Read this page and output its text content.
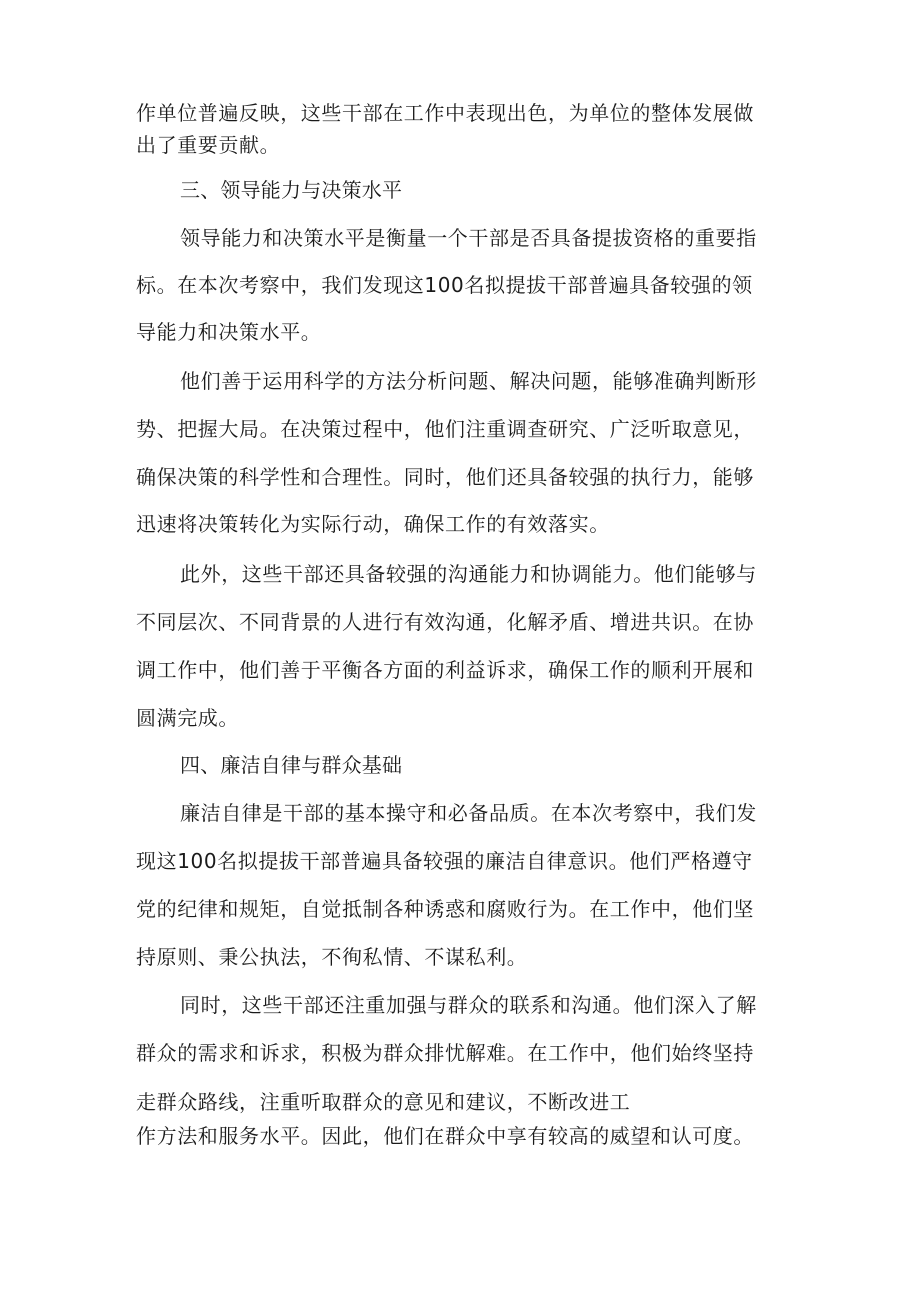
作单位普遍反映，这些干部在工作中表现出色，为单位的整体发展做
出了重要贡献。
三、领导能力与决策水平
领导能力和决策水平是衡量一个干部是否具备提拔资格的重要指
标。在本次考察中，我们发现这100名拟提拔干部普遍具备较强的领
导能力和决策水平。
他们善于运用科学的方法分析问题、解决问题，能够准确判断形
势、把握大局。在决策过程中，他们注重调查研究、广泛听取意见，
确保决策的科学性和合理性。同时，他们还具备较强的执行力，能够
迅速将决策转化为实际行动，确保工作的有效落实。
此外，这些干部还具备较强的沟通能力和协调能力。他们能够与
不同层次、不同背景的人进行有效沟通，化解矛盾、增进共识。在协
调工作中，他们善于平衡各方面的利益诉求，确保工作的顺利开展和
圆满完成。
四、廉洁自律与群众基础
廉洁自律是干部的基本操守和必备品质。在本次考察中，我们发
现这100名拟提拔干部普遍具备较强的廉洁自律意识。他们严格遵守
党的纪律和规矩，自觉抵制各种诱惑和腐败行为。在工作中，他们坚
持原则、秉公执法，不徇私情、不谋私利。
同时，这些干部还注重加强与群众的联系和沟通。他们深入了解
群众的需求和诉求，积极为群众排忧解难。在工作中，他们始终坚持
走群众路线，注重听取群众的意见和建议，不断改进工
作方法和服务水平。因此，他们在群众中享有较高的威望和认可度。
